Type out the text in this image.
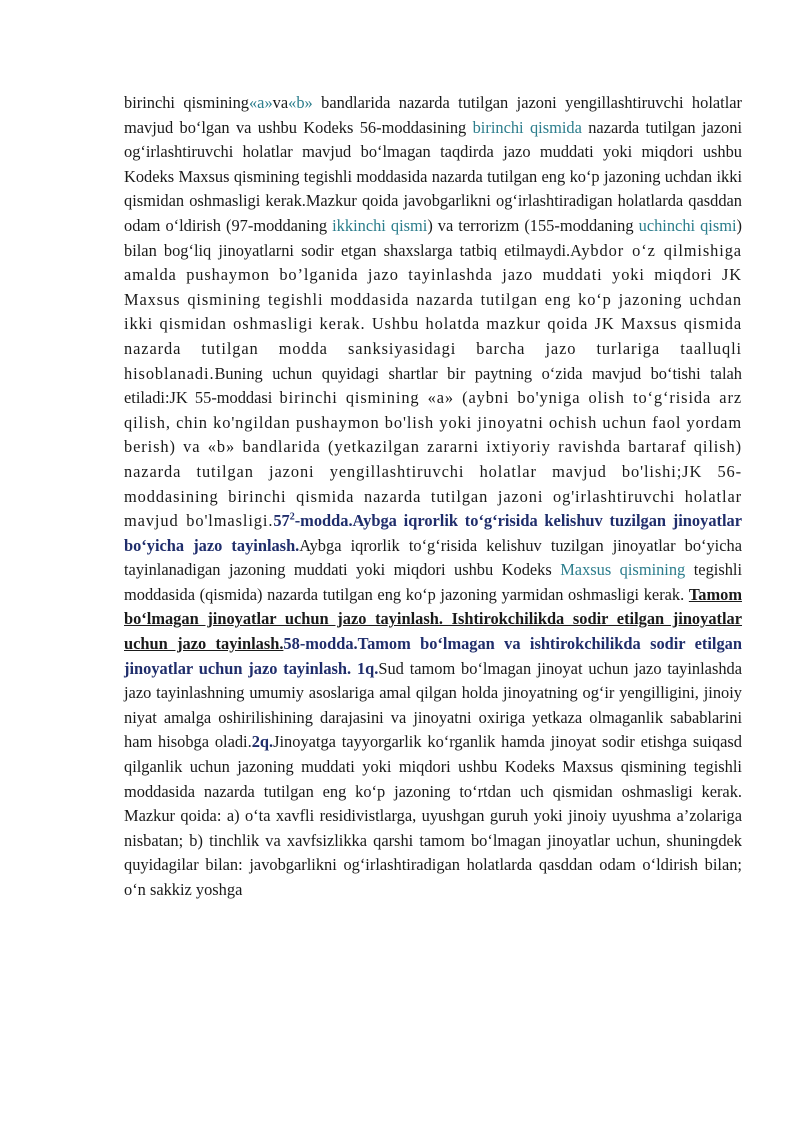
birinchi qismining«a»va«b» bandlarida nazarda tutilgan jazoni yengillashtiruvchi holatlar mavjud bo‘lgan va ushbu Kodeks 56-moddasining birinchi qismida nazarda tutilgan jazoni og‘irlashtiruvchi holatlar mavjud bo‘lmagan taqdirda jazo muddati yoki miqdori ushbu Kodeks Maxsus qismining tegishli moddasida nazarda tutilgan eng ko‘p jazoning uchdan ikki qismidan oshmasligi kerak.Mazkur qoida javobgarlikni og‘irlashtiradigan holatlarda qasddan odam o‘ldirish (97-moddaning ikkinchi qismi) va terrorizm (155-moddaning uchinchi qismi) bilan bog‘liq jinoyatlarni sodir etgan shaxslarga tatbiq etilmaydi.Aybdor o‘z qilmishiga amalda pushaymon bo’lganida jazo tayinlashda jazo muddati yoki miqdori JK Maxsus qismining tegishli moddasida nazarda tutilgan eng ko‘p jazoning uchdan ikki qismidan oshmasligi kerak. Ushbu holatda mazkur qoida JK Maxsus qismida nazarda tutilgan modda sanksiyasidagi barcha jazo turlariga taalluqli hisoblanadi.Buning uchun quyidagi shartlar bir paytning o‘zida mavjud bo‘tishi talah etiladi:JK 55-moddasi birinchi qismining «a» (aybni bo'yniga olish to‘g‘risida arz qilish, chin ko'ngildan pushaymon bo'lish yoki jinoyatni ochish uchun faol yordam berish) va «b» bandlarida (yetkazilgan zararni ixtiyoriy ravishda bartaraf qilish) nazarda tutilgan jazoni yengillashtiruvchi holatlar mavjud bo'lishi;JK 56-moddasining birinchi qismida nazarda tutilgan jazoni og'irlashtiruvchi holatlar mavjud $bo'lmasligi.57^2-modda.Aybga$ iqrorlik to‘g‘risida kelishuv tuzilgan jinoyatlar bo‘yicha jazo tayinlash.Aybga iqrorlik to‘g‘risida kelishuv tuzilgan jinoyatlar bo‘yicha tayinlanadigan jazoning muddati yoki miqdori ushbu Kodeks Maxsus qismining tegishli moddasida (qismida) nazarda tutilgan eng ko‘p jazoning yarmidan oshmasligi kerak. Tamom bo‘lmagan jinoyatlar uchun jazo tayinlash. Ishtirokchilikda sodir etilgan jinoyatlar uchun jazo tayinlash.58-modda.Tamom bo‘lmagan va ishtirokchilikda sodir etilgan jinoyatlar uchun jazo tayinlash. 1q.Sud tamom bo‘lmagan jinoyat uchun jazo tayinlashda jazo tayinlashning umumiy asoslariga amal qilgan holda jinoyatning og‘ir yengilligini, jinoiy niyat amalga oshirilishining darajasini va jinoyatni oxiriga yetkaza olmaganlik sabablarini ham hisobga oladi.2q.Jinoyatga tayyorgarlik ko‘rganlik hamda jinoyat sodir etishga suiqasd qilganlik uchun jazoning muddati yoki miqdori ushbu Kodeks Maxsus qismining tegishli moddasida nazarda tutilgan eng ko‘p jazoning to‘rtdan uch qismidan oshmasligi kerak. Mazkur qoida: a) o‘ta xavfli residivistlarga, uyushgan guruh yoki jinoiy uyushma a’zolariga nisbatan; b) tinchlik va xavfsizlikka qarshi tamom bo‘lmagan jinoyatlar uchun, shuningdek quyidagilar bilan: javobgarlikni og‘irlashtiradigan holatlarda qasddan odam o‘ldirish bilan; o‘n sakkiz yoshga
